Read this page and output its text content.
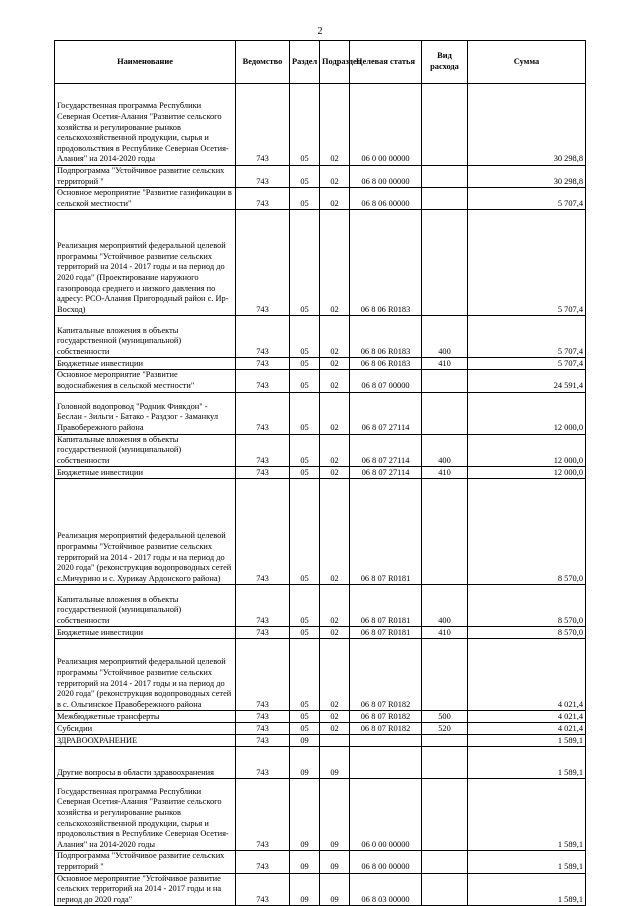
2
Наименование	Ведомство	Раздел	Подраздел	Целевая статья	Вид расхода	Сумма
Государственная программа Республики Северная Осетия-Алания "Развитие сельского хозяйства и регулирование рынков сельскохозяйственной продукции, сырья и продовольствия в Республике Северная Осетия-Алания" на 2014-2020 годы	743	05	02	06 0 00 00000		30 298,8
Подпрограмма "Устойчивое развитие сельских территорий "	743	05	02	06 8 00 00000		30 298,8
Основное мероприятие "Развитие газификации в сельской местности"	743	05	02	06 8 06 00000		5 707,4
Реализация мероприятий федеральной целевой программы "Устойчивое развитие сельских территорий на 2014 - 2017 годы и на период до 2020 года" (Проектирование наружного газопровода среднего и низкого давления по адресу: РСО-Алания Пригородный район с. Ир-Восход)	743	05	02	06 8 06 R0183		5 707,4
Капитальные вложения в объекты государственной (муниципальной) собственности	743	05	02	06 8 06 R0183	400	5 707,4
Бюджетные инвестиции	743	05	02	06 8 06 R0183	410	5 707,4
Основное мероприятие "Развитие водоснабжения в сельской местности"	743	05	02	06 8 07 00000		24 591,4
Головной водопровод "Родник Фиякдон" - Беслан - Зильги - Батако - Раздзог - Заманкул Правобережного района	743	05	02	06 8 07 27114		12 000,0
Капитальные вложения в объекты государственной (муниципальной) собственности	743	05	02	06 8 07 27114	400	12 000,0
Бюджетные инвестиции	743	05	02	06 8 07 27114	410	12 000,0
Реализация мероприятий федеральной целевой программы "Устойчивое развитие сельских территорий на 2014 - 2017 годы и на период до 2020 года" (реконструкция водопроводных сетей с.Мичурино и с. Хурикау Ардонского района)	743	05	02	06 8 07 R0181		8 570,0
Капитальные вложения в объекты государственной (муниципальной) собственности	743	05	02	06 8 07 R0181	400	8 570,0
Бюджетные инвестиции	743	05	02	06 8 07 R0181	410	8 570,0
Реализация мероприятий федеральной целевой программы "Устойчивое развитие сельских территорий на 2014 - 2017 годы и на период до 2020 года" (реконструкция водопроводных сетей в с. Ольгинское Правобережного района	743	05	02	06 8 07 R0182		4 021,4
Межбюджетные трансферты	743	05	02	06 8 07 R0182	500	4 021,4
Субсидии	743	05	02	06 8 07 R0182	520	4 021,4
ЗДРАВООХРАНЕНИЕ	743	09				1 589,1
Другие вопросы в области здравоохранения	743	09	09			1 589,1
Государственная программа Республики Северная Осетия-Алания "Развитие сельского хозяйства и регулирование рынков сельскохозяйственной продукции, сырья и продовольствия в Республике Северная Осетия-Алания" на 2014-2020 годы	743	09	09	06 0 00 00000		1 589,1
Подпрограмма "Устойчивое развитие сельских территорий "	743	09	09	06 8 00 00000		1 589,1
Основное мероприятие "Устойчивое развитие сельских территорий на 2014 - 2017 годы и на период до 2020 года"	743	09	09	06 8 03 00000		1 589,1
